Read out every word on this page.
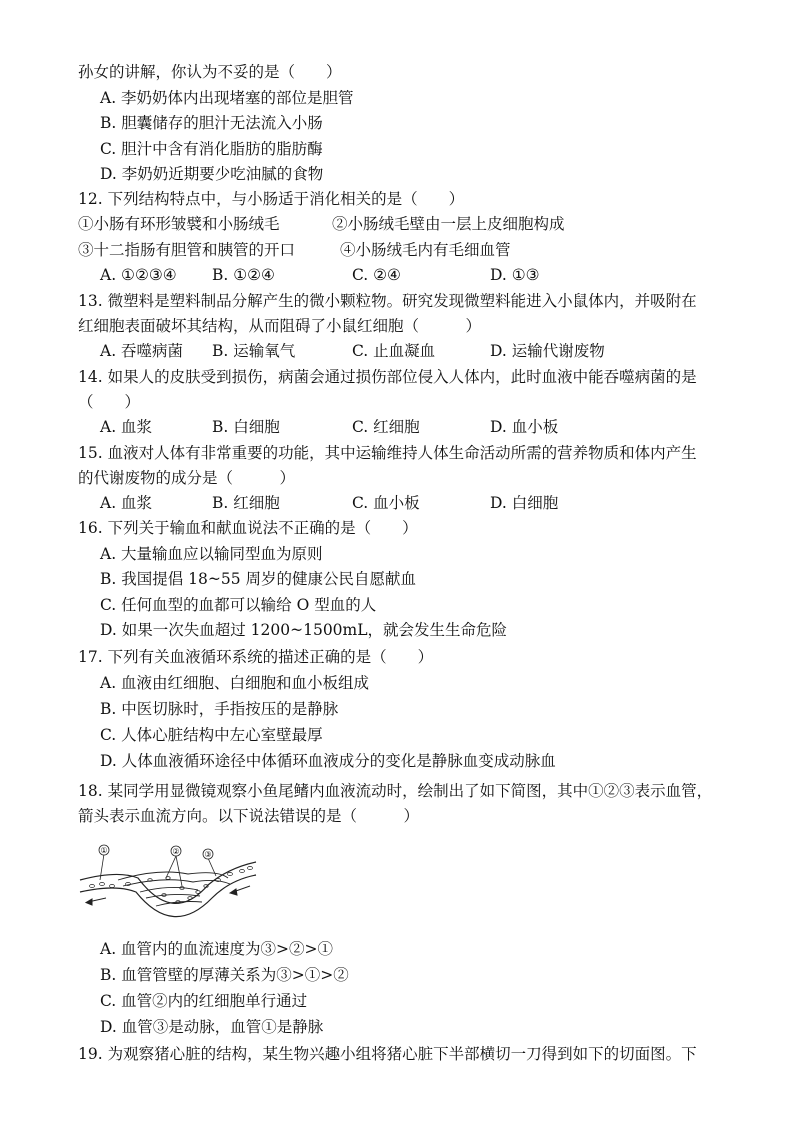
孙女的讲解，你认为不妥的是（　　）
A. 李奶奶体内出现堵塞的部位是胆管
B. 胆囊储存的胆汁无法流入小肠
C. 胆汁中含有消化脂肪的脂肪酶
D. 李奶奶近期要少吃油腻的食物
12. 下列结构特点中，与小肠适于消化相关的是（　　）
①小肠有环形皱襞和小肠绒毛	②小肠绒毛壁由一层上皮细胞构成
③十二指肠有胆管和胰管的开口	④小肠绒毛内有毛细血管
A. ①②③④ B. ①②④	C. ②④	D. ①③
13. 微塑料是塑料制品分解产生的微小颗粒物。研究发现微塑料能进入小鼠体内，并吸附在
红细胞表面破坏其结构，从而阻碍了小鼠红细胞（　　　）
A. 吞噬病菌 B. 运输氧气	C. 止血凝血	D. 运输代谢废物
14. 如果人的皮肤受到损伤，病菌会通过损伤部位侵入人体内，此时血液中能吞噬病菌的是
（　　）
A. 血浆	B. 白细胞	C. 红细胞	D. 血小板
15. 血液对人体有非常重要的功能，其中运输维持人体生命活动所需的营养物质和体内产生
的代谢废物的成分是（　　　）
A. 血浆	B. 红细胞	C. 血小板	D. 白细胞
16. 下列关于输血和献血说法不正确的是（　　）
A. 大量输血应以输同型血为原则
B. 我国提倡 18~55 周岁的健康公民自愿献血
C. 任何血型的血都可以输给 O 型血的人
D. 如果一次失血超过 1200~1500mL，就会发生生命危险
17. 下列有关血液循环系统的描述正确的是（　　）
A. 血液由红细胞、白细胞和血小板组成
B. 中医切脉时，手指按压的是静脉
C. 人体心脏结构中左心室壁最厚
D. 人体血液循环途径中体循环血液成分的变化是静脉血变成动脉血
18. 某同学用显微镜观察小鱼尾鳍内血液流动时，绘制出了如下简图，其中①②③表示血管，
箭头表示血流方向。以下说法错误的是（　　　）
①	②	③
A. 血管内的血流速度为③>②>①
B. 血管管壁的厚薄关系为③>①>②
C. 血管②内的红细胞单行通过
D. 血管③是动脉，血管①是静脉
19. 为观察猪心脏的结构，某生物兴趣小组将猪心脏下半部横切一刀得到如下的切面图。下
